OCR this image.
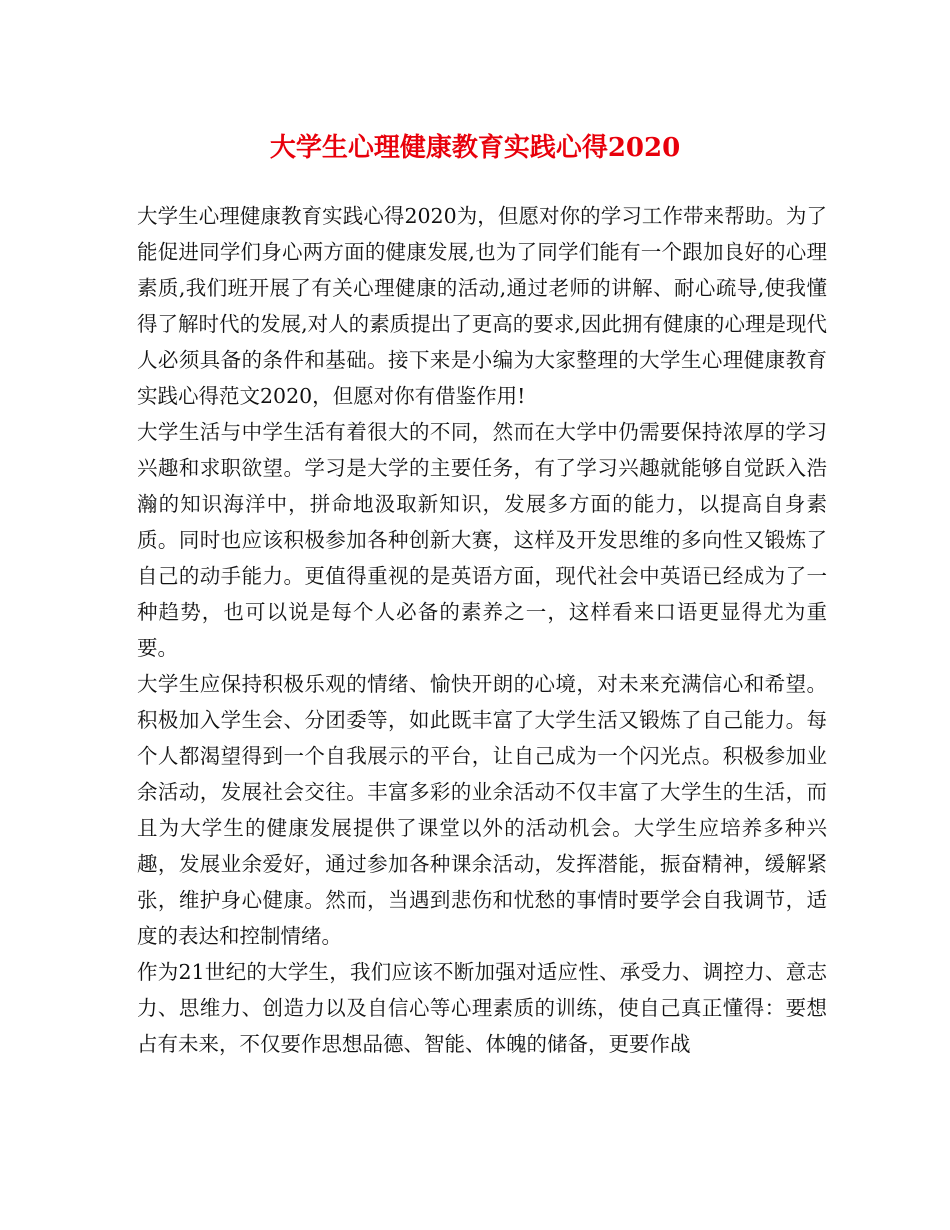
大学生心理健康教育实践心得2020

大学生心理健康教育实践心得2020为，但愿对你的学习工作带来帮助。为了能促进同学们身心两方面的健康发展,也为了同学们能有一个跟加良好的心理素质,我们班开展了有关心理健康的活动,通过老师的讲解、耐心疏导,使我懂得了解时代的发展,对人的素质提出了更高的要求,因此拥有健康的心理是现代人必须具备的条件和基础。接下来是小编为大家整理的大学生心理健康教育实践心得范文2020，但愿对你有借鉴作用!

大学生活与中学生活有着很大的不同，然而在大学中仍需要保持浓厚的学习兴趣和求职欲望。学习是大学的主要任务，有了学习兴趣就能够自觉跃入浩瀚的知识海洋中，拼命地汲取新知识，发展多方面的能力，以提高自身素质。同时也应该积极参加各种创新大赛，这样及开发思维的多向性又锻炼了自己的动手能力。更值得重视的是英语方面，现代社会中英语已经成为了一种趋势，也可以说是每个人必备的素养之一，这样看来口语更显得尤为重要。

大学生应保持积极乐观的情绪、愉快开朗的心境，对未来充满信心和希望。积极加入学生会、分团委等，如此既丰富了大学生活又锻炼了自己能力。每个人都渴望得到一个自我展示的平台，让自己成为一个闪光点。积极参加业余活动，发展社会交往。丰富多彩的业余活动不仅丰富了大学生的生活，而且为大学生的健康发展提供了课堂以外的活动机会。大学生应培养多种兴趣，发展业余爱好，通过参加各种课余活动，发挥潜能，振奋精神，缓解紧张，维护身心健康。然而，当遇到悲伤和忧愁的事情时要学会自我调节，适度的表达和控制情绪。

作为21世纪的大学生，我们应该不断加强对适应性、承受力、调控力、意志力、思维力、创造力以及自信心等心理素质的训练，使自己真正懂得：要想占有未来，不仅要作思想品德、智能、体魄的储备，更要作战
